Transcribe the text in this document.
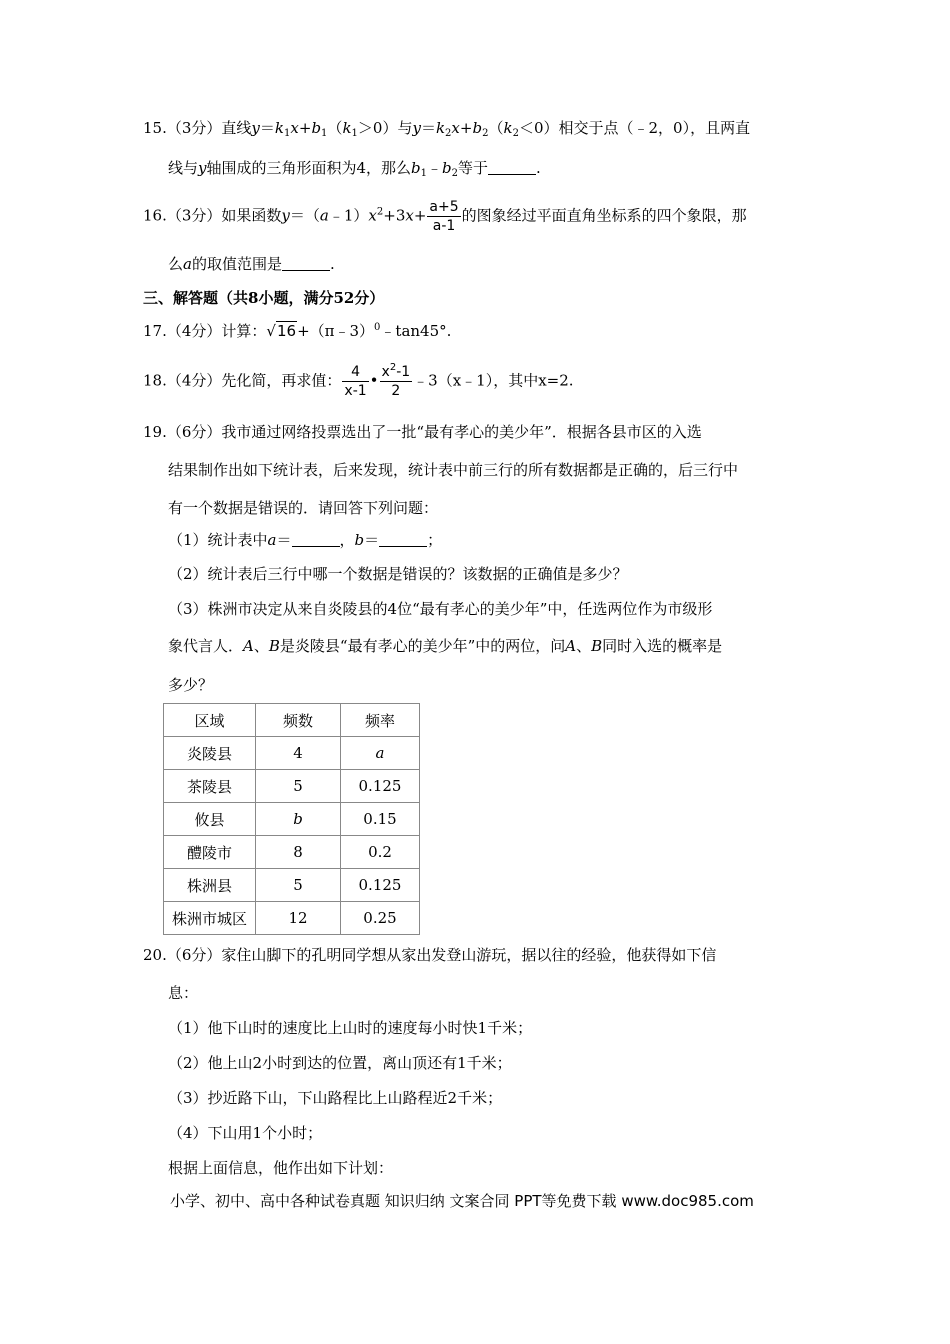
15.（3分）直线$y=k_1x+b_1(k_1>0)$与$y=k_2x+b_2(k_2<0)$相交于点（﹣2，0），且两直
线与y轴围成的三角形面积为4，那么$b_1﹣b_2$等于	.
16.（3分）如果函数$y=(a﹣1)x^2+3x+ \frac{a+5}{a-1}$ 的图象经过平面直角坐标系的四个象限，那
么a的取值范围是	.
三、解答题（共8小题，满分52分）
17.（4分）计算：√16+（π﹣3）$^0$﹣tan45°.
18.（4分）先化简，再求值： $\frac{4}{x-1}$ • $\frac{x^2-1}{2}$ ﹣3（x﹣1），其中x=2.
19.（6分）我市通过网络投票选出了一批“最有孝心的美少年”．根据各县市区的入选
结果制作出如下统计表，后来发现，统计表中前三行的所有数据都是正确的，后三行中
有一个数据是错误的．请回答下列问题：
（1）统计表中a＝	，b＝	；
（2）统计表后三行中哪一个数据是错误的？该数据的正确值是多少？
（3）株洲市决定从来自炎陵县的4位“最有孝心的美少年”中，任选两位作为市级形
象代言人．A、B是炎陵县“最有孝心的美少年”中的两位，问A、B同时入选的概率是
多少？
区域	频数	频率
炎陵县	4	a
茶陵县	5	0.125
攸县	b	0.15
醴陵市	8	0.2
株洲县	5	0.125
株洲市城区	12	0.25
20.（6分）家住山脚下的孔明同学想从家出发登山游玩，据以往的经验，他获得如下信
息：
（1）他下山时的速度比上山时的速度每小时快1千米；
（2）他上山2小时到达的位置，离山顶还有1千米；
（3）抄近路下山，下山路程比上山路程近2千米；
（4）下山用1个小时；
根据上面信息，他作出如下计划：
小学、初中、高中各种试卷真题 知识归纳 文案合同 PPT等免费下载 www.doc985.com
